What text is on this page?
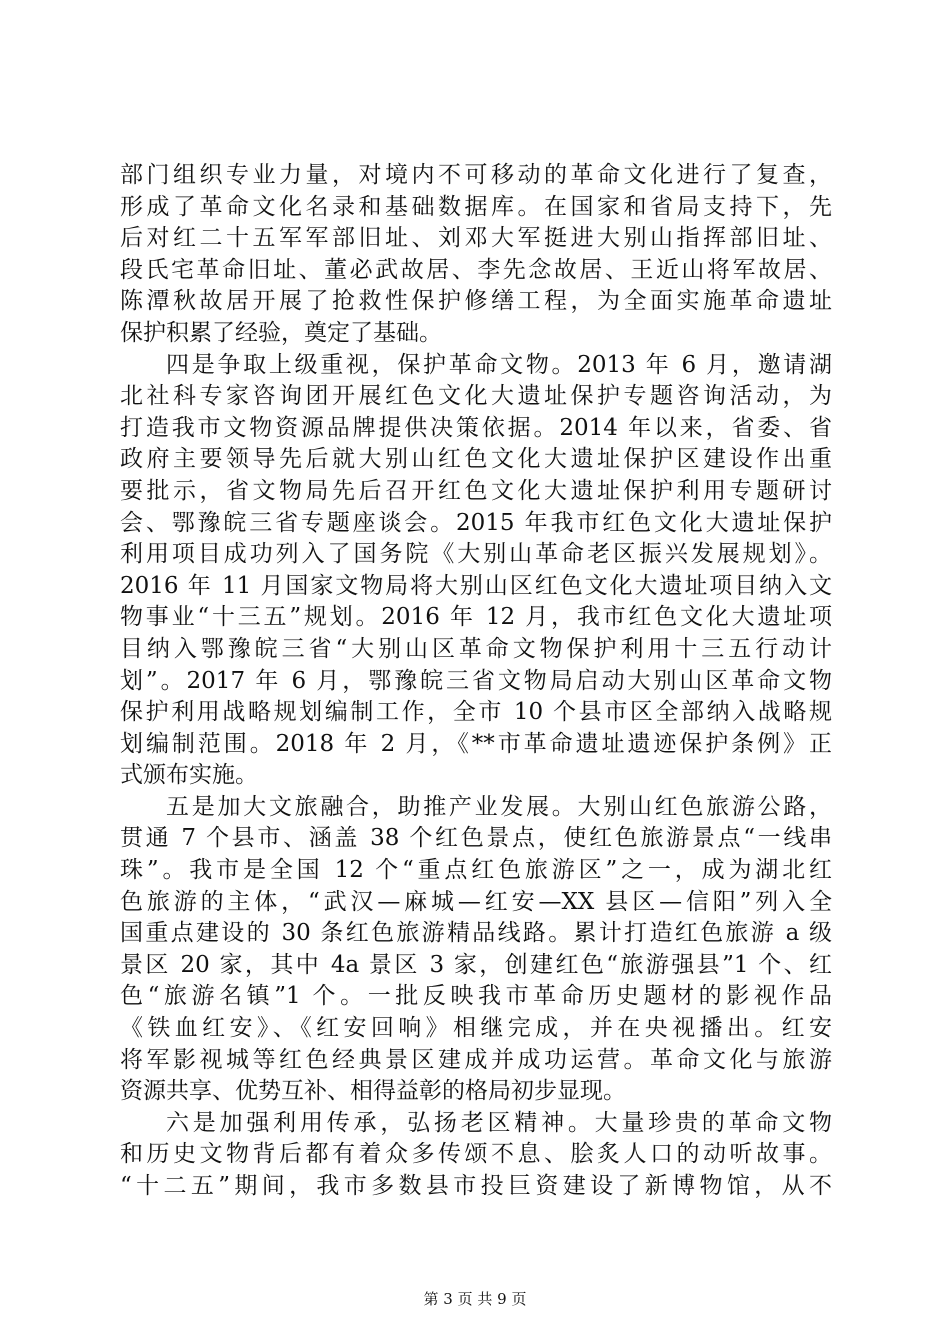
部门组织专业力量，对境内不可移动的革命文化进行了复查，
形成了革命文化名录和基础数据库。在国家和省局支持下，先
后对红二十五军军部旧址、刘邓大军挺进大别山指挥部旧址、
段氏宅革命旧址、董必武故居、李先念故居、王近山将军故居、
陈潭秋故居开展了抢救性保护修缮工程，为全面实施革命遗址
保护积累了经验，奠定了基础。
四是争取上级重视，保护革命文物。2013 年 6 月，邀请湖
北社科专家咨询团开展红色文化大遗址保护专题咨询活动，为
打造我市文物资源品牌提供决策依据。2014 年以来，省委、省
政府主要领导先后就大别山红色文化大遗址保护区建设作出重
要批示，省文物局先后召开红色文化大遗址保护利用专题研讨
会、鄂豫皖三省专题座谈会。2015 年我市红色文化大遗址保护
利用项目成功列入了国务院《大别山革命老区振兴发展规划》。
2016 年 11 月国家文物局将大别山区红色文化大遗址项目纳入文
物事业“十三五”规划。2016 年 12 月，我市红色文化大遗址项
目纳入鄂豫皖三省“大别山区革命文物保护利用十三五行动计
划”。2017 年 6 月，鄂豫皖三省文物局启动大别山区革命文物
保护利用战略规划编制工作，全市 10 个县市区全部纳入战略规
划编制范围。2018 年 2 月，《**市革命遗址遗迹保护条例》正
式颁布实施。
五是加大文旅融合，助推产业发展。大别山红色旅游公路，
贯通 7 个县市、涵盖 38 个红色景点，使红色旅游景点“一线串
珠”。我市是全国 12 个“重点红色旅游区”之一，成为湖北红
色旅游的主体，“武汉—麻城—红安—XX 县区—信阳”列入全
国重点建设的 30 条红色旅游精品线路。累计打造红色旅游 a 级
景区 20 家，其中 4a 景区 3 家，创建红色“旅游强县”1 个、红
色“旅游名镇”1 个。一批反映我市革命历史题材的影视作品
《铁血红安》、《红安回响》相继完成，并在央视播出。红安
将军影视城等红色经典景区建成并成功运营。革命文化与旅游
资源共享、优势互补、相得益彰的格局初步显现。
六是加强利用传承，弘扬老区精神。大量珍贵的革命文物
和历史文物背后都有着众多传颂不息、脍炙人口的动听故事。
“十二五”期间，我市多数县市投巨资建设了新博物馆，从不
第 3 页 共 9 页
